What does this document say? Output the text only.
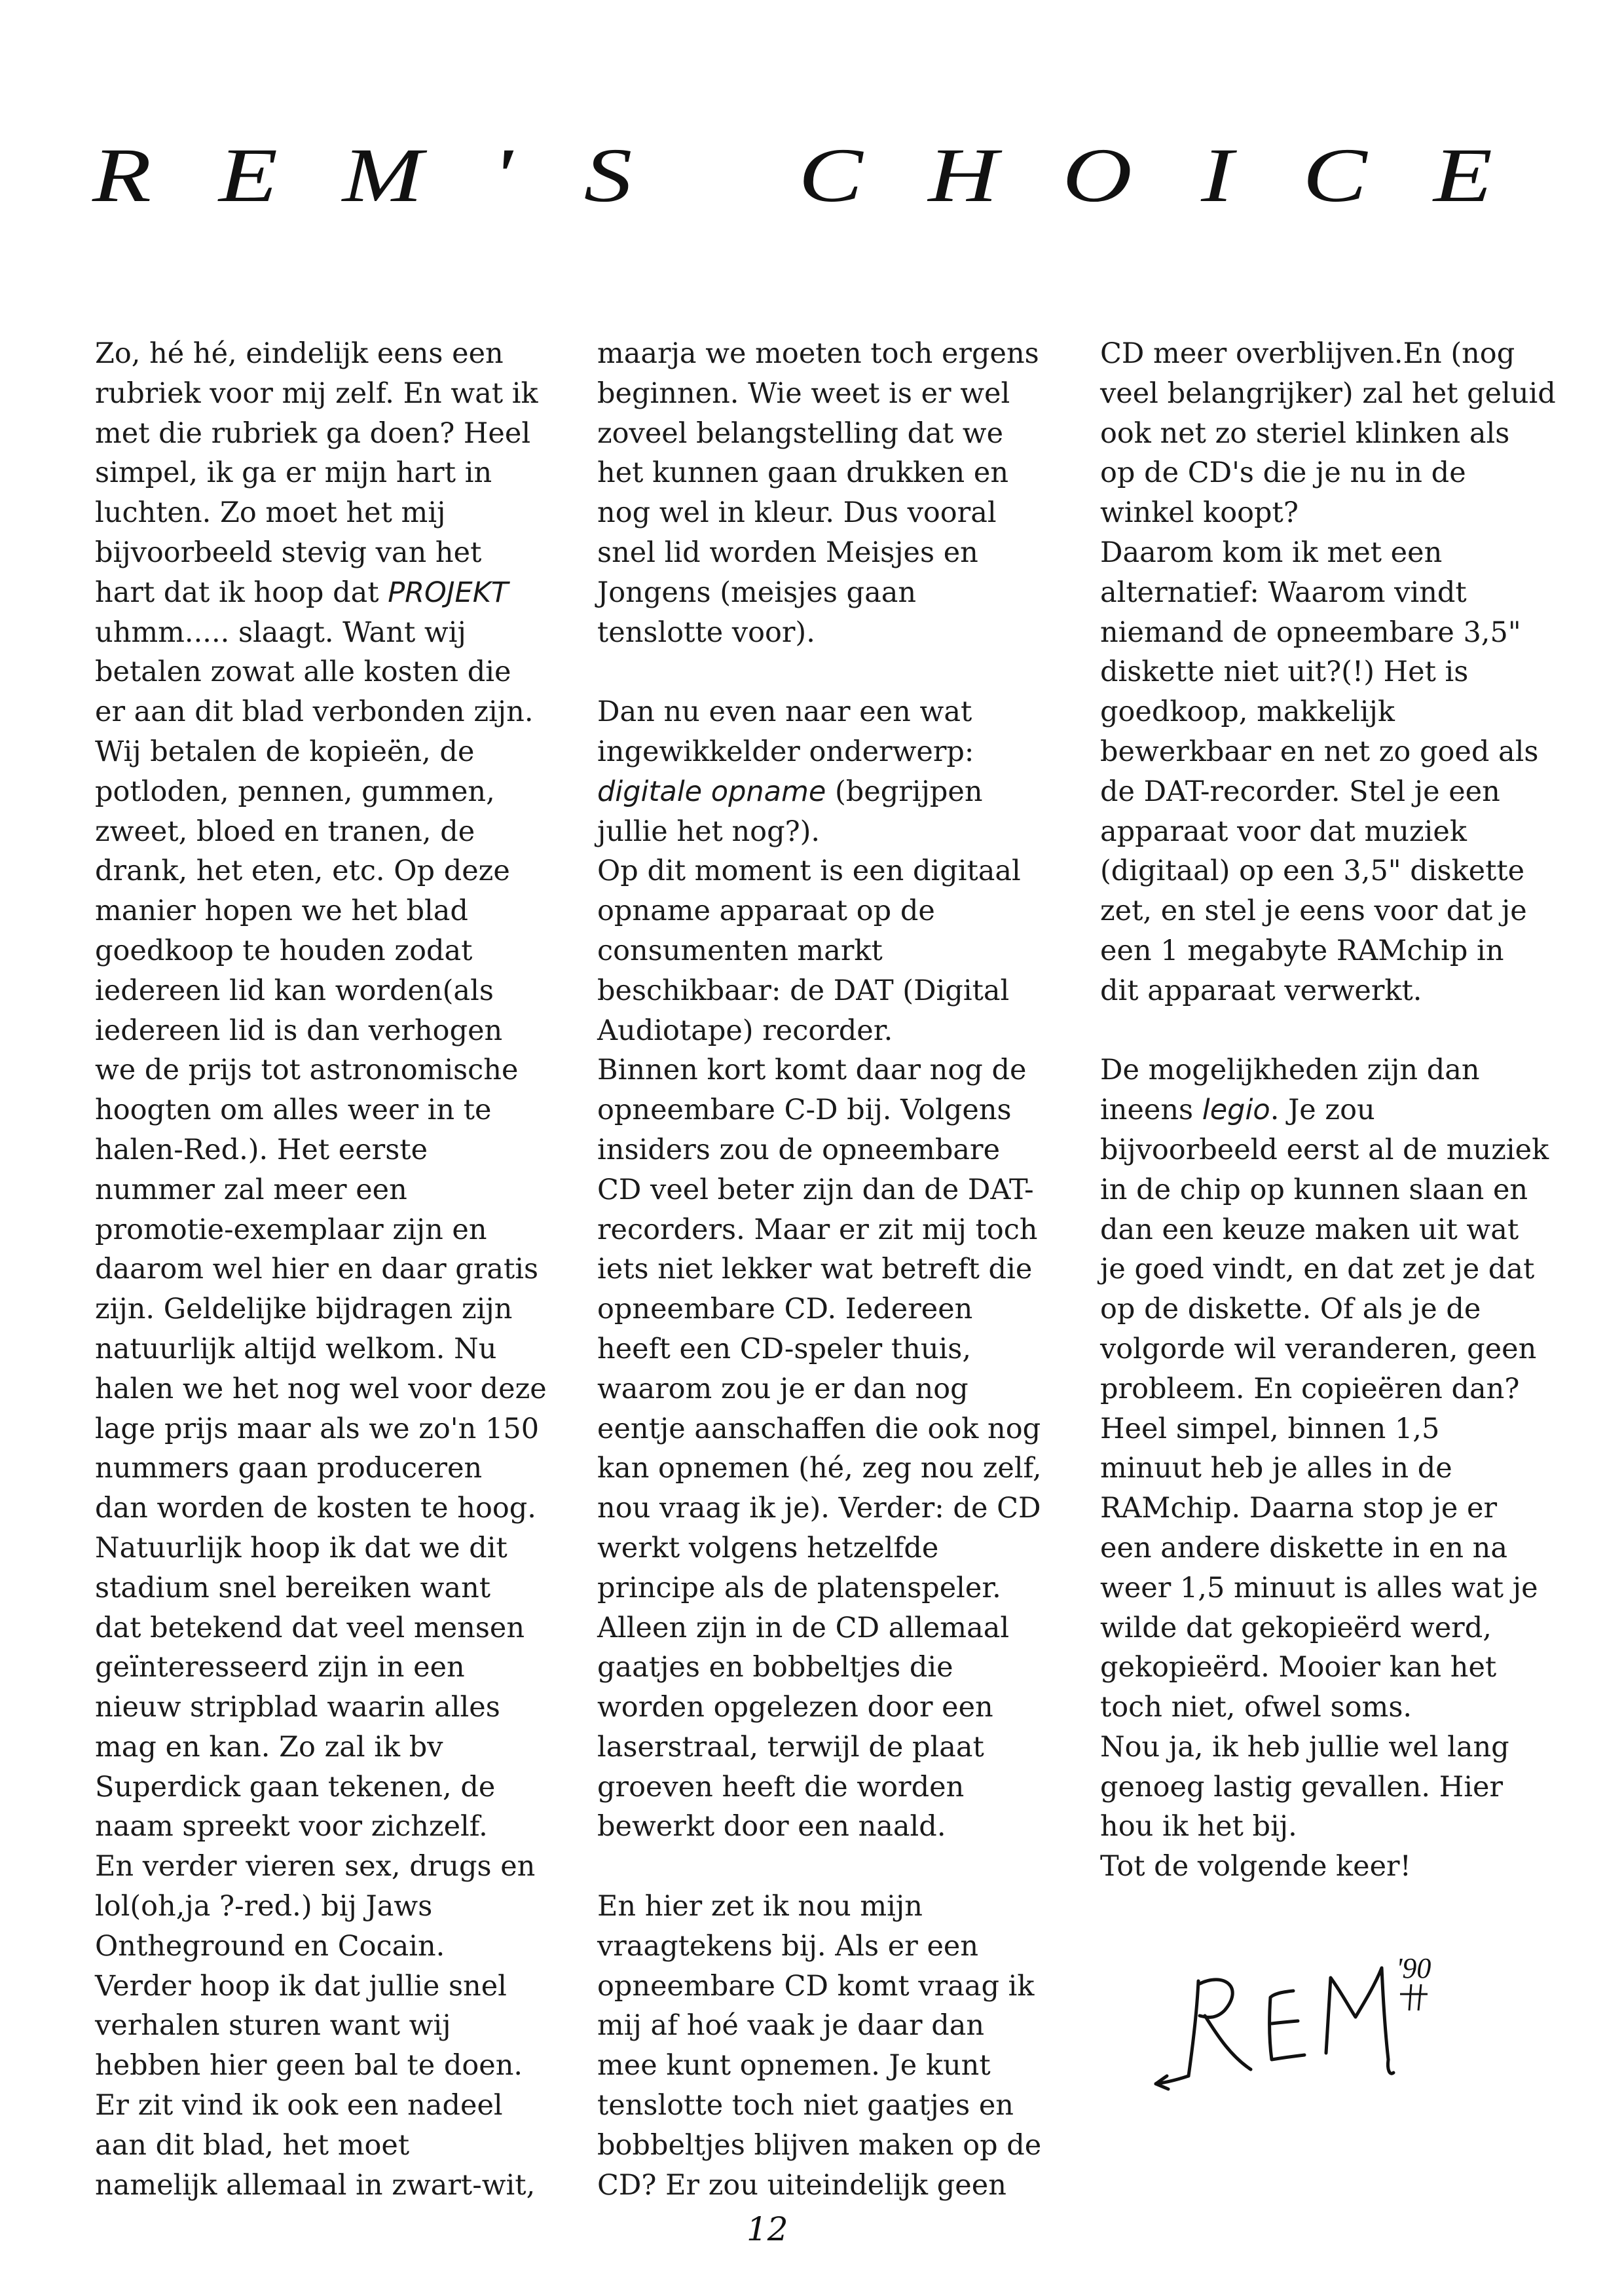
R E M ' S
C H O I C E
Zo, hé hé, eindelijk eens een
rubriek voor mij zelf. En wat ik
met die rubriek ga doen? Heel
simpel, ik ga er mijn hart in
luchten. Zo moet het mij
bijvoorbeeld stevig van het
hart dat ik hoop dat PROJEKT
uhmm..... slaagt. Want wij
betalen zowat alle kosten die
er aan dit blad verbonden zijn.
Wij betalen de kopieën, de
potloden, pennen, gummen,
zweet, bloed en tranen, de
drank, het eten, etc. Op deze
manier hopen we het blad
goedkoop te houden zodat
iedereen lid kan worden(als
iedereen lid is dan verhogen
we de prijs tot astronomische
hoogten om alles weer in te
halen-Red.). Het eerste
nummer zal meer een
promotie-exemplaar zijn en
daarom wel hier en daar gratis
zijn. Geldelijke bijdragen zijn
natuurlijk altijd welkom. Nu
halen we het nog wel voor deze
lage prijs maar als we zo'n 150
nummers gaan produceren
dan worden de kosten te hoog.
Natuurlijk hoop ik dat we dit
stadium snel bereiken want
dat betekend dat veel mensen
geïnteresseerd zijn in een
nieuw stripblad waarin alles
mag en kan. Zo zal ik bv
Superdick gaan tekenen, de
naam spreekt voor zichzelf.
En verder vieren sex, drugs en
lol(oh,ja ?-red.) bij Jaws
Ontheground en Cocain.
Verder hoop ik dat jullie snel
verhalen sturen want wij
hebben hier geen bal te doen.
Er zit vind ik ook een nadeel
aan dit blad, het moet
namelijk allemaal in zwart-wit,
maarja we moeten toch ergens
beginnen. Wie weet is er wel
zoveel belangstelling dat we
het kunnen gaan drukken en
nog wel in kleur. Dus vooral
snel lid worden Meisjes en
Jongens (meisjes gaan
tenslotte voor).
Dan nu even naar een wat
ingewikkelder onderwerp:
digitale opname (begrijpen
jullie het nog?).
Op dit moment is een digitaal
opname apparaat op de
consumenten markt
beschikbaar: de DAT (Digital
Audiotape) recorder.
Binnen kort komt daar nog de
opneembare C-D bij. Volgens
insiders zou de opneembare
CD veel beter zijn dan de DAT-
recorders. Maar er zit mij toch
iets niet lekker wat betreft die
opneembare CD. Iedereen
heeft een CD-speler thuis,
waarom zou je er dan nog
eentje aanschaffen die ook nog
kan opnemen (hé, zeg nou zelf,
nou vraag ik je). Verder: de CD
werkt volgens hetzelfde
principe als de platenspeler.
Alleen zijn in de CD allemaal
gaatjes en bobbeltjes die
worden opgelezen door een
laserstraal, terwijl de plaat
groeven heeft die worden
bewerkt door een naald.
En hier zet ik nou mijn
vraagtekens bij. Als er een
opneembare CD komt vraag ik
mij af hoé vaak je daar dan
mee kunt opnemen. Je kunt
tenslotte toch niet gaatjes en
bobbeltjes blijven maken op de
CD? Er zou uiteindelijk geen
CD meer overblijven.En (nog
veel belangrijker) zal het geluid
ook net zo steriel klinken als
op de CD's die je nu in de
winkel koopt?
Daarom kom ik met een
alternatief: Waarom vindt
niemand de opneembare 3,5"
diskette niet uit?(!) Het is
goedkoop, makkelijk
bewerkbaar en net zo goed als
de DAT-recorder. Stel je een
apparaat voor dat muziek
(digitaal) op een 3,5" diskette
zet, en stel je eens voor dat je
een 1 megabyte RAMchip in
dit apparaat verwerkt.
De mogelijkheden zijn dan
ineens legio. Je zou
bijvoorbeeld eerst al de muziek
in de chip op kunnen slaan en
dan een keuze maken uit wat
je goed vindt, en dat zet je dat
op de diskette. Of als je de
volgorde wil veranderen, geen
probleem. En copieëren dan?
Heel simpel, binnen 1,5
minuut heb je alles in de
RAMchip. Daarna stop je er
een andere diskette in en na
weer 1,5 minuut is alles wat je
wilde dat gekopieërd werd,
gekopieërd. Mooier kan het
toch niet, ofwel soms.
Nou ja, ik heb jullie wel lang
genoeg lastig gevallen. Hier
hou ik het bij.
Tot de volgende keer!
'90
12
